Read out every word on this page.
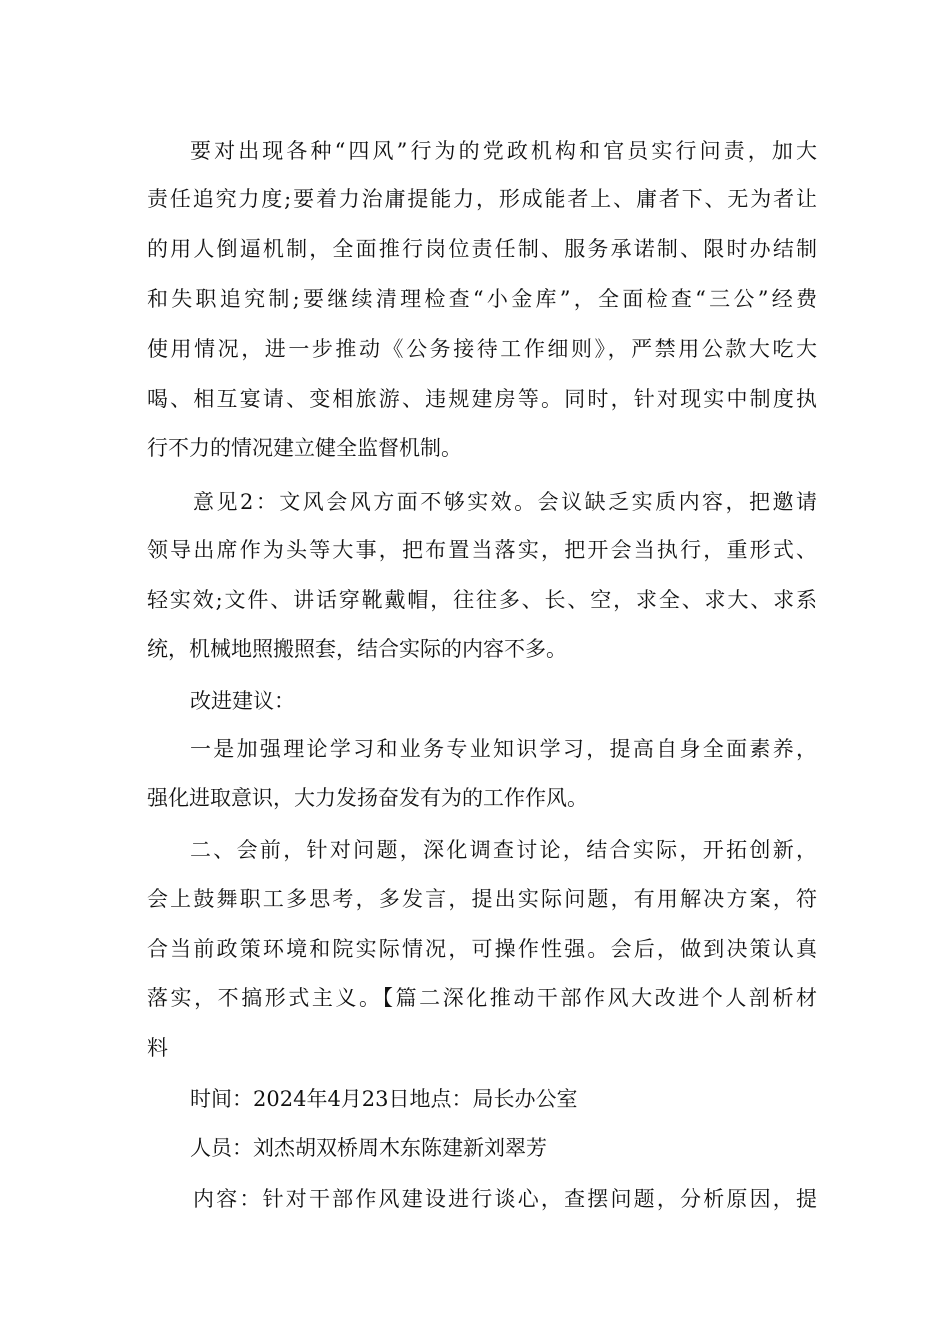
要对出现各种“四风”行为的党政机构和官员实行问责，加大
责任追究力度;要着力治庸提能力，形成能者上、庸者下、无为者让
的用人倒逼机制，全面推行岗位责任制、服务承诺制、限时办结制
和失职追究制;要继续清理检查“小金库”，全面检查“三公”经费
使用情况，进一步推动《公务接待工作细则》，严禁用公款大吃大
喝、相互宴请、变相旅游、违规建房等。同时，针对现实中制度执
行不力的情况建立健全监督机制。
意见2：文风会风方面不够实效。会议缺乏实质内容，把邀请
领导出席作为头等大事，把布置当落实，把开会当执行，重形式、
轻实效;文件、讲话穿靴戴帽，往往多、长、空，求全、求大、求系
统，机械地照搬照套，结合实际的内容不多。
改进建议：
一是加强理论学习和业务专业知识学习，提高自身全面素养，
强化进取意识，大力发扬奋发有为的工作作风。
二、会前，针对问题，深化调查讨论，结合实际，开拓创新，
会上鼓舞职工多思考，多发言，提出实际问题，有用解决方案，符
合当前政策环境和院实际情况，可操作性强。会后，做到决策认真
落实，不搞形式主义。【篇二深化推动干部作风大改进个人剖析材
料
时间：2024年4月23日地点：局长办公室
人员：刘杰胡双桥周木东陈建新刘翠芳
内容：针对干部作风建设进行谈心，查摆问题，分析原因，提
